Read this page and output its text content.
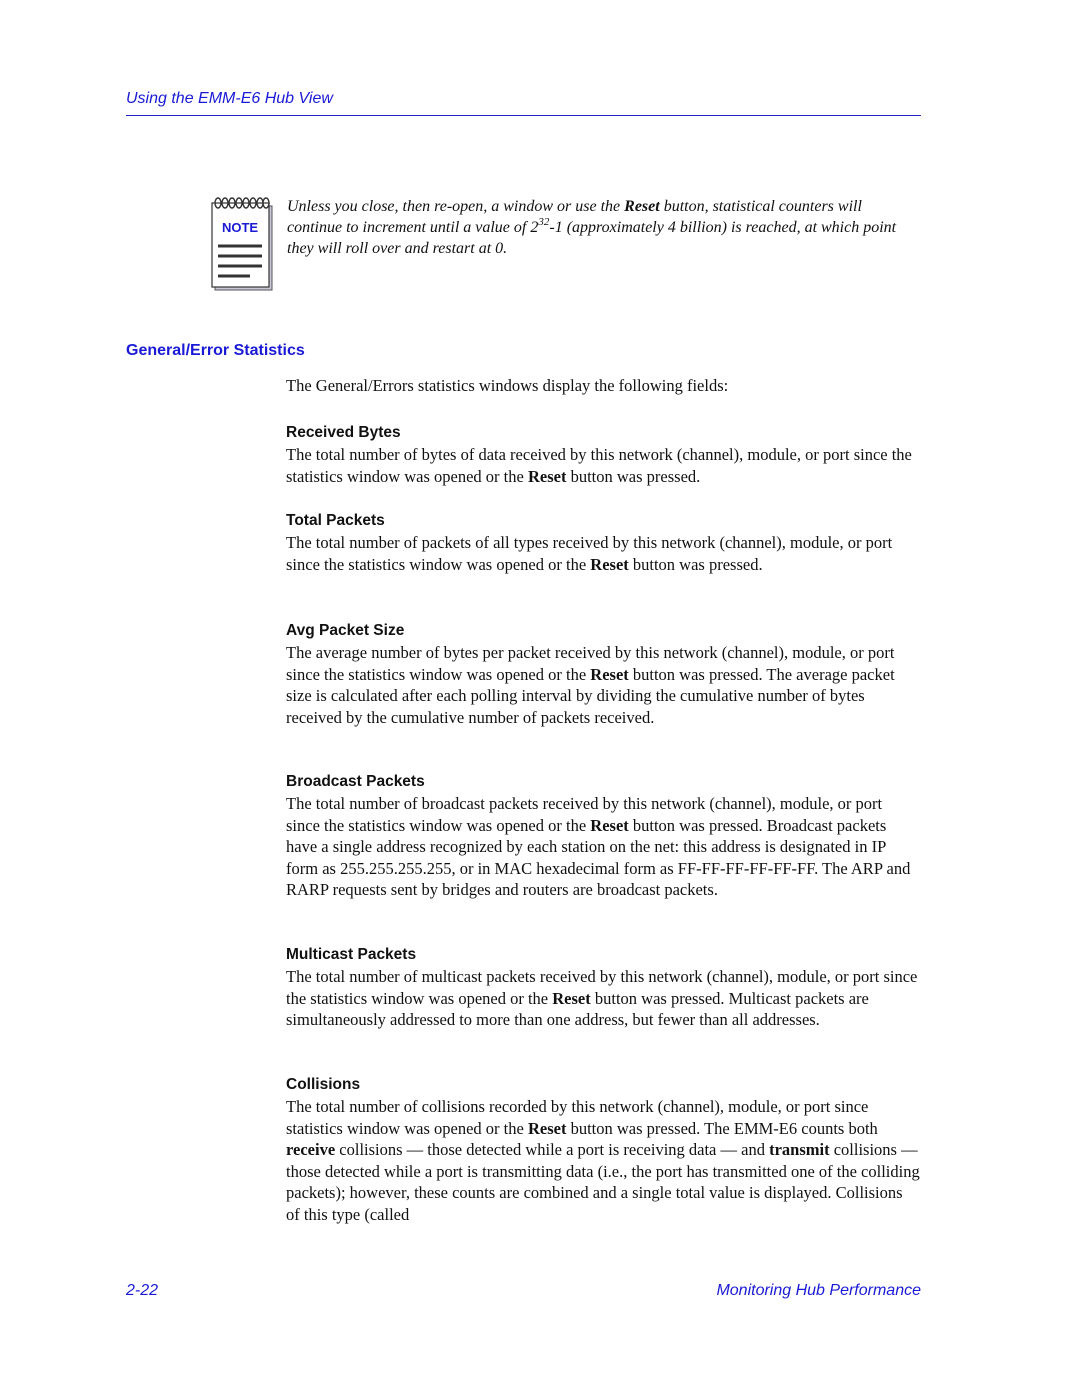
Using the EMM-E6 Hub View
NOTE
Unless you close, then re-open, a window or use the Reset button, statistical counters will continue to increment until a value of $2^{32}-1$ (approximately 4 billion) is reached, at which point they will roll over and restart at 0.
General/Error Statistics
The General/Errors statistics windows display the following fields:
Received Bytes
The total number of bytes of data received by this network (channel), module, or port since the statistics window was opened or the Reset button was pressed.
Total Packets
The total number of packets of all types received by this network (channel), module, or port since the statistics window was opened or the Reset button was pressed.
Avg Packet Size
The average number of bytes per packet received by this network (channel), module, or port since the statistics window was opened or the Reset button was pressed. The average packet size is calculated after each polling interval by dividing the cumulative number of bytes received by the cumulative number of packets received.
Broadcast Packets
The total number of broadcast packets received by this network (channel), module, or port since the statistics window was opened or the Reset button was pressed. Broadcast packets have a single address recognized by each station on the net: this address is designated in IP form as 255.255.255.255, or in MAC hexadecimal form as FF-FF-FF-FF-FF-FF. The ARP and RARP requests sent by bridges and routers are broadcast packets.
Multicast Packets
The total number of multicast packets received by this network (channel), module, or port since the statistics window was opened or the Reset button was pressed. Multicast packets are simultaneously addressed to more than one address, but fewer than all addresses.
Collisions
The total number of collisions recorded by this network (channel), module, or port since statistics window was opened or the Reset button was pressed. The EMM-E6 counts both receive collisions — those detected while a port is receiving data — and transmit collisions — those detected while a port is transmitting data (i.e., the port has transmitted one of the colliding packets); however, these counts are combined and a single total value is displayed. Collisions of this type (called
2-22	Monitoring Hub Performance
